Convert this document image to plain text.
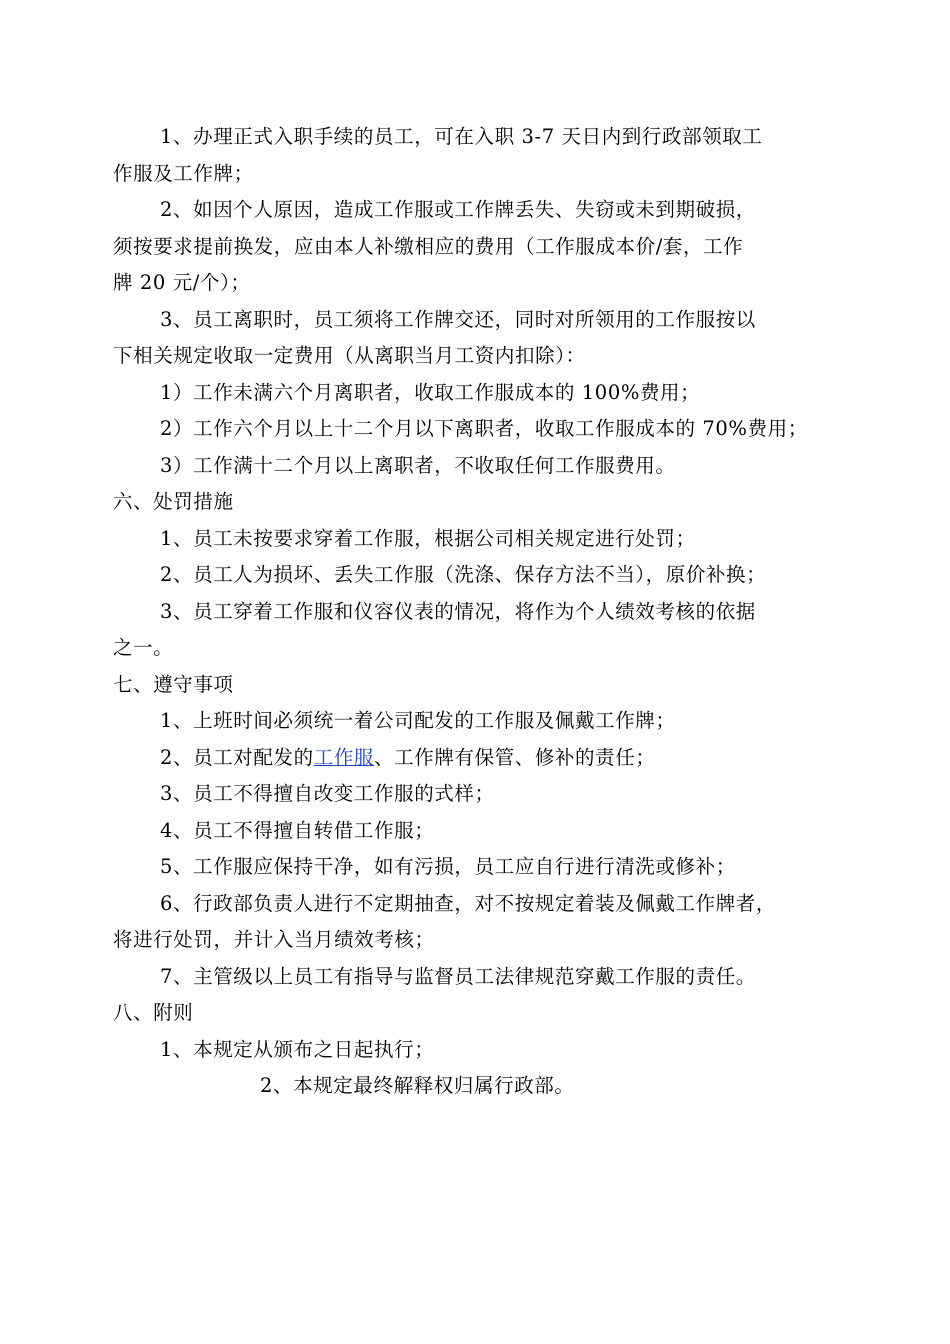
1、办理正式入职手续的员工，可在入职 3-7 天日内到行政部领取工
作服及工作牌；
2、如因个人原因，造成工作服或工作牌丢失、失窃或未到期破损，
须按要求提前换发，应由本人补缴相应的费用（工作服成本价/套，工作
牌 20 元/个）；
3、员工离职时，员工须将工作牌交还，同时对所领用的工作服按以
下相关规定收取一定费用（从离职当月工资内扣除）：
1）工作未满六个月离职者，收取工作服成本的 100%费用；
2）工作六个月以上十二个月以下离职者，收取工作服成本的 70%费用；
3）工作满十二个月以上离职者，不收取任何工作服费用。
六、处罚措施
1、员工未按要求穿着工作服，根据公司相关规定进行处罚；
2、员工人为损坏、丢失工作服（洗涤、保存方法不当），原价补换；
3、员工穿着工作服和仪容仪表的情况，将作为个人绩效考核的依据
之一。
七、遵守事项
1、上班时间必须统一着公司配发的工作服及佩戴工作牌；
2、员工对配发的工作服、工作牌有保管、修补的责任；
3、员工不得擅自改变工作服的式样；
4、员工不得擅自转借工作服；
5、工作服应保持干净，如有污损，员工应自行进行清洗或修补；
6、行政部负责人进行不定期抽查，对不按规定着装及佩戴工作牌者，
将进行处罚，并计入当月绩效考核；
7、主管级以上员工有指导与监督员工法律规范穿戴工作服的责任。
八、附则
1、本规定从颁布之日起执行；
2、本规定最终解释权归属行政部。
